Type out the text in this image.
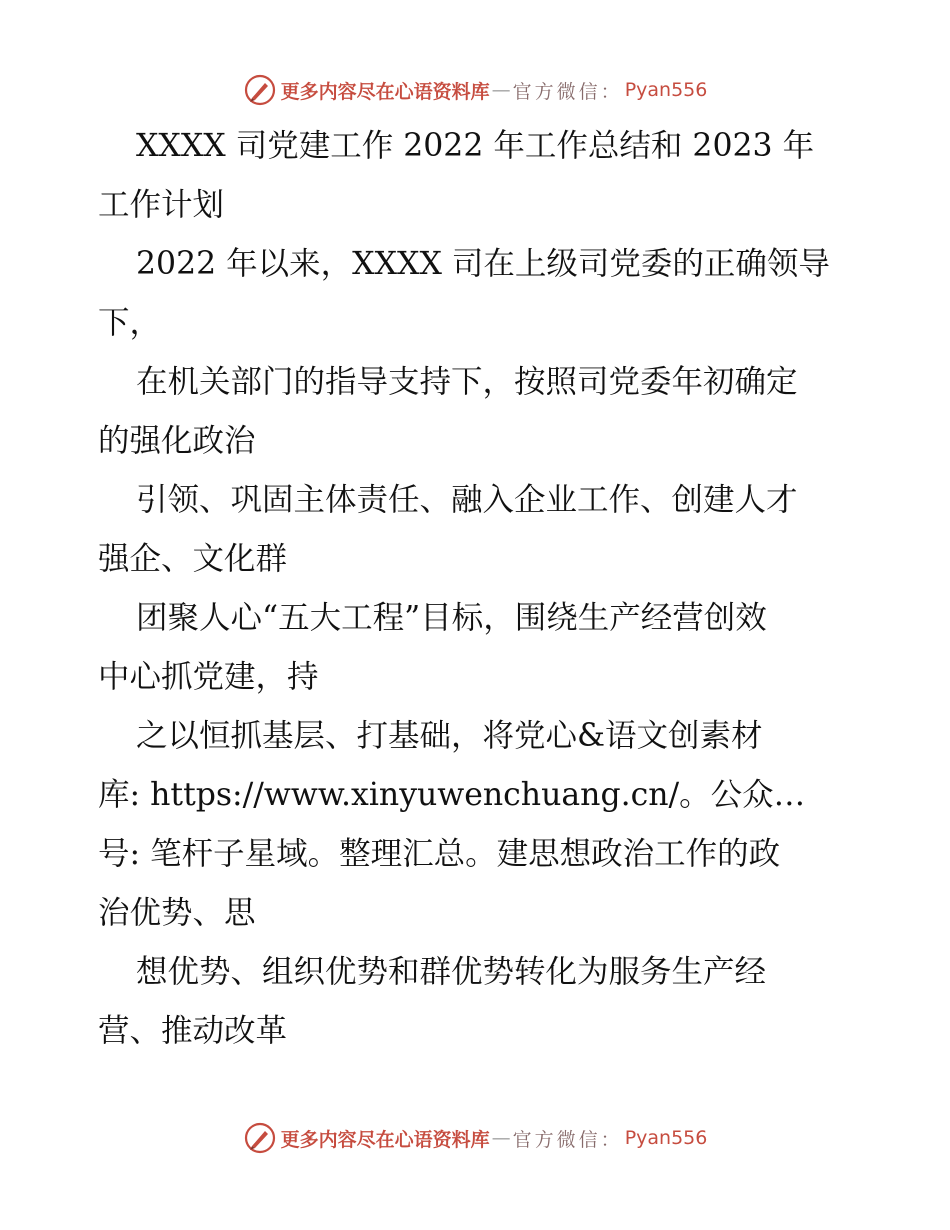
更多内容尽在心语资料库 — 官方微信： Pyan556
XXXX 司党建工作 2022 年工作总结和 2023 年
工作计划
2022 年以来，XXXX 司在上级司党委的正确领导
下，
在机关部门的指导支持下，按照司党委年初确定
的强化政治
引领、巩固主体责任、融入企业工作、创建人才
强企、文化群
团聚人心“五大工程”目标，围绕生产经营创效
中心抓党建，持
之以恒抓基层、打基础，将党心&语文创素材
库: https://www.xinyuwenchuang.cn/。公众…
号: 笔杆子星域。整理汇总。建思想政治工作的政
治优势、思
想优势、组织优势和群优势转化为服务生产经
营、推动改革
更多内容尽在心语资料库 — 官方微信： Pyan556
